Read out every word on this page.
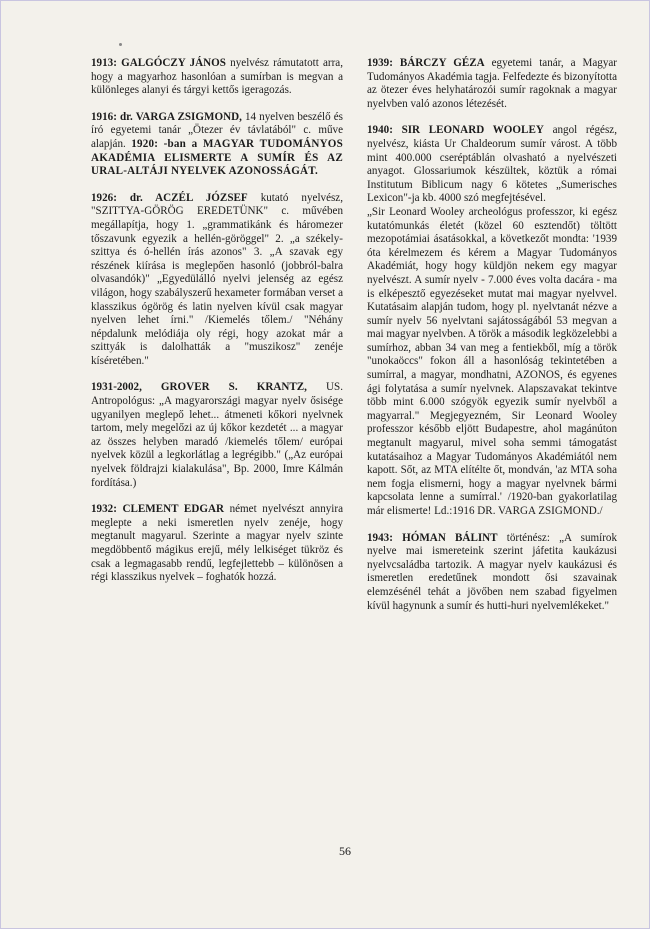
1913: GALGÓCZY JÁNOS nyelvész rámutatott arra, hogy a magyarhoz hasonlóan a sumírban is megvan a különleges alanyi és tárgyi kettős igeragozás.

1916: dr. VARGA ZSIGMOND, 14 nyelven beszélő és író egyetemi tanár „Ötezer év távlatából" c. műve alapján. 1920: -ban a MAGYAR TUDOMÁNYOS AKADÉMIA ELISMERTE A SUMÍR ÉS AZ URAL-ALTÁJI NYELVEK AZONOSSÁGÁT.

1926: dr. ACZÉL JÓZSEF kutató nyelvész, "SZITTYA-GÖRÖG EREDETÜNK" c. művében megállapítja, hogy 1. „grammatikánk és háromezer tőszavunk egyezik a hellén-göröggel" 2. „a székely-szittya és ó-hellén írás azonos" 3. „A szavak egy részének kiírása is meglepően hasonló (jobbról-balra olvasandók)" „Egyedülálló nyelvi jelenség az egész világon, hogy szabályszerű hexameter formában verset a klasszikus ógörög és latin nyelven kívül csak magyar nyelven lehet írni." /Kiemelés tőlem./ "Néhány népdalunk melódiája oly régi, hogy azokat már a szittyák is dalolhatták a "muszikosz" zenéje kíséretében."

1931-2002, GROVER S. KRANTZ, US. Antropológus: „A magyarországi magyar nyelv ősisége ugyanilyen meglepő lehet... átmeneti kőkori nyelvnek tartom, mely megelőzi az új kőkor kezdetét ... a magyar az összes helyben maradó /kiemelés tőlem/ európai nyelvek közül a legkorlátlag a legrégibb." („Az európai nyelvek földrajzi kialakulása", Bp. 2000, Imre Kálmán fordítása.)

1932: CLEMENT EDGAR német nyelvészt annyira meglepte a neki ismeretlen nyelv zenéje, hogy megtanult magyarul. Szerinte a magyar nyelv szinte megdöbbentő mágikus erejű, mély lelkiséget tükröz és csak a legmagasabb rendű, legfejlettebb – különösen a régi klasszikus nyelvek – foghatók hozzá.

1939: BÁRCZY GÉZA egyetemi tanár, a Magyar Tudományos Akadémia tagja. Felfedezte és bizonyította az ötezer éves helyhatározói sumír ragoknak a magyar nyelvben való azonos létezését.

1940: SIR LEONARD WOOLEY angol régész, nyelvész, kiásta Ur Chaldeorum sumír várost. A több mint 400.000 cseréptáblán olvasható a nyelvészeti anyagot. Glossariumok készültek, köztük a római Institutum Biblicum nagy 6 kötetes „Sumerisches Lexicon"-ja kb. 4000 szó megfejtésével.

„Sir Leonard Wooley archeológus professzor, ki egész kutatómunkás életét (közel 60 esztendőt) töltött mezopotámiai ásatásokkal, a következőt mondta: '1939 óta kérelmezem és kérem a Magyar Tudományos Akadémiát, hogy hogy küldjön nekem egy magyar nyelvészt. A sumír nyelv - 7.000 éves volta dacára - ma is elképesztő egyezéseket mutat mai magyar nyelvvel. Kutatásaim alapján tudom, hogy pl. nyelvtanát nézve a sumír nyelv 56 nyelvtani sajátosságából 53 megvan a mai magyar nyelvben. A török a második legközelebbi a sumírhoz, abban 34 van meg a fentiekből, míg a török "unokaöccs" fokon áll a hasonlóság tekintetében a sumírral, a magyar, mondhatni, AZONOS, és egyenes ági folytatása a sumír nyelvnek. Alapszavakat tekintve több mint 6.000 szógyök egyezik sumír nyelvből a magyarral." Megjegyezném, Sir Leonard Wooley professzor később eljött Budapestre, ahol magánúton megtanult magyarul, mivel soha semmi támogatást kutatásaihoz a Magyar Tudományos Akadémiától nem kapott. Sőt, az MTA elítélte őt, mondván, 'az MTA soha nem fogja elismerni, hogy a magyar nyelvnek bármi kapcsolata lenne a sumírral.' /1920-ban gyakorlatilag már elismerte! Ld.:1916 DR. VARGA ZSIGMOND./

1943: HÓMAN BÁLINT történész: „A sumírok nyelve mai ismereteink szerint jáfetita kaukázusi nyelvcsaládba tartozik. A magyar nyelv kaukázusi és ismeretlen eredetűnek mondott ősi szavainak elemzésénél tehát a jövőben nem szabad figyelmen kívül hagynunk a sumír és hutti-huri nyelvemlékeket."

56
